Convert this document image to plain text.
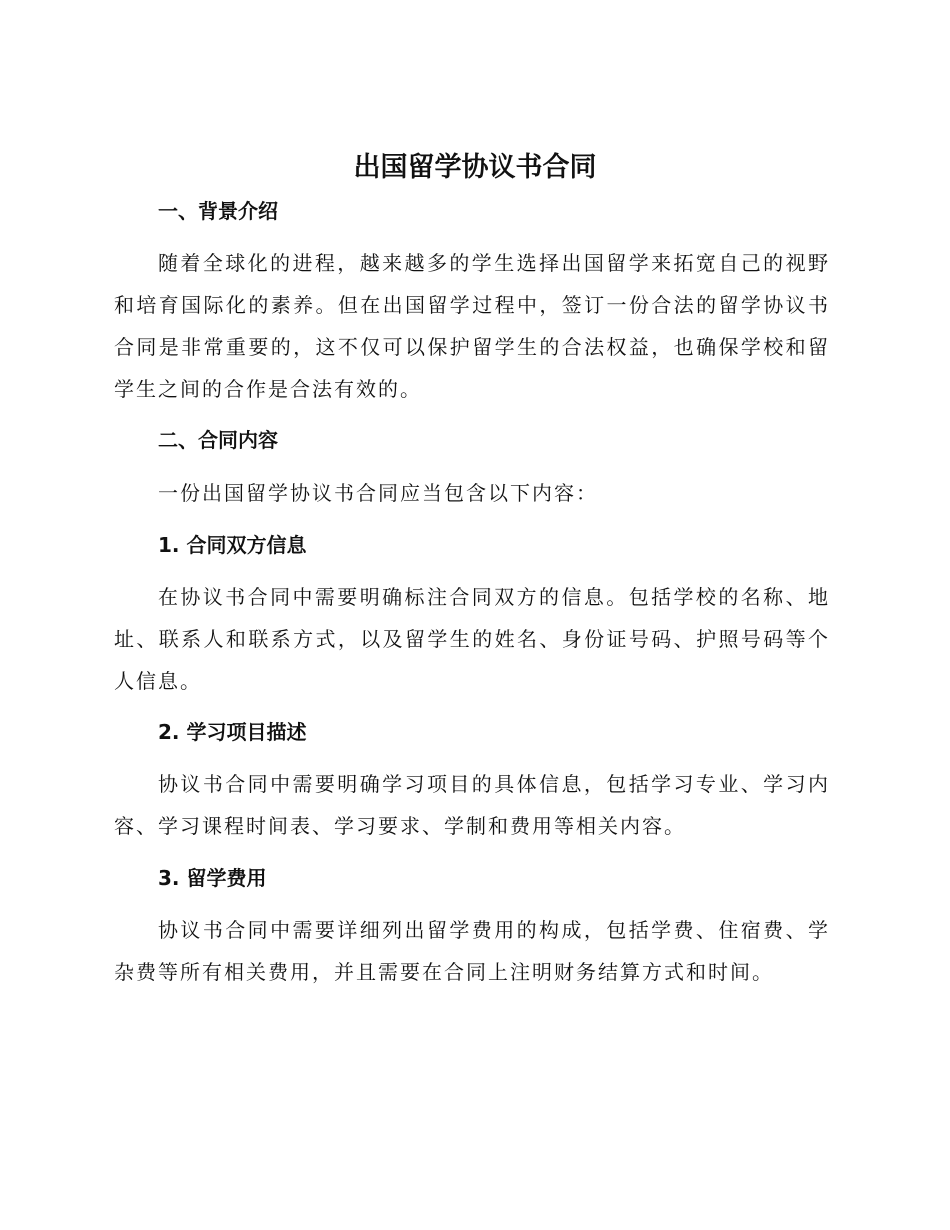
出国留学协议书合同
一、背景介绍

随着全球化的进程，越来越多的学生选择出国留学来拓宽自己的视野和培育国际化的素养。但在出国留学过程中，签订一份合法的留学协议书合同是非常重要的，这不仅可以保护留学生的合法权益，也确保学校和留学生之间的合作是合法有效的。

二、合同内容

一份出国留学协议书合同应当包含以下内容：

1. 合同双方信息

在协议书合同中需要明确标注合同双方的信息。包括学校的名称、地址、联系人和联系方式，以及留学生的姓名、身份证号码、护照号码等个人信息。

2. 学习项目描述

协议书合同中需要明确学习项目的具体信息，包括学习专业、学习内容、学习课程时间表、学习要求、学制和费用等相关内容。

3. 留学费用

协议书合同中需要详细列出留学费用的构成，包括学费、住宿费、学杂费等所有相关费用，并且需要在合同上注明财务结算方式和时间。
